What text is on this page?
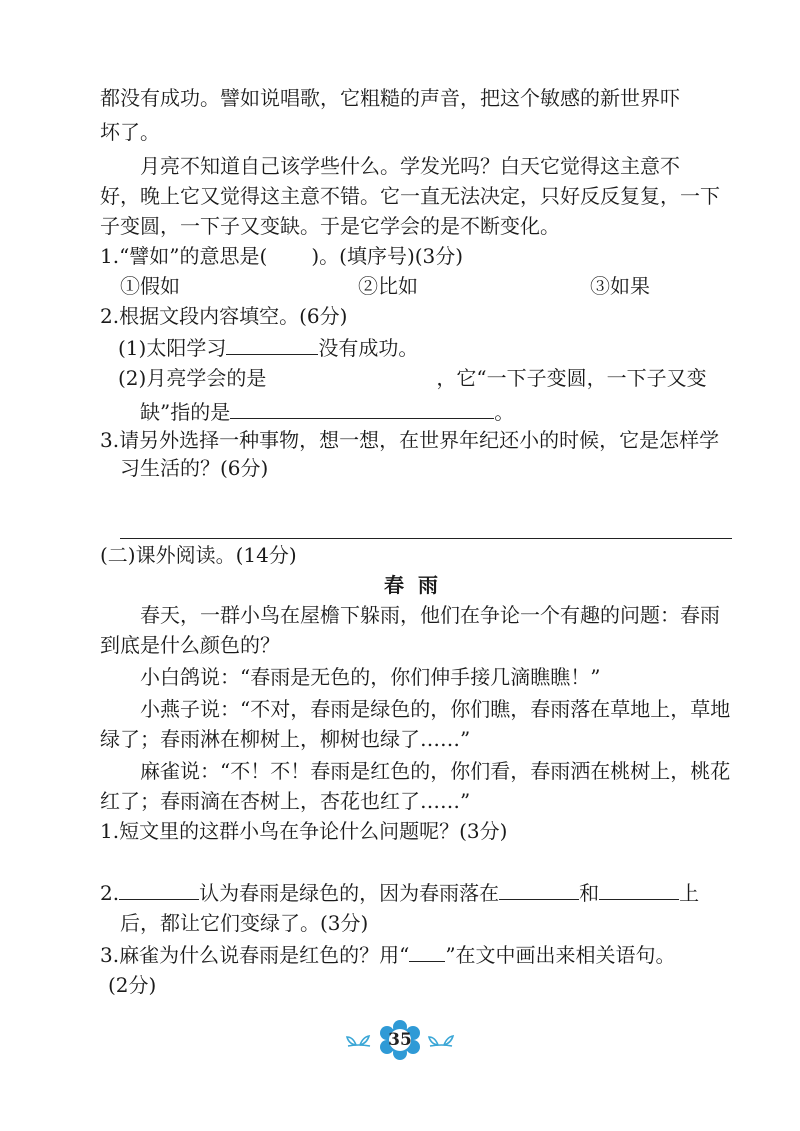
都没有成功。譬如说唱歌，它粗糙的声音，把这个敏感的新世界吓
坏了。
月亮不知道自己该学些什么。学发光吗？白天它觉得这主意不
好，晚上它又觉得这主意不错。它一直无法决定，只好反反复复，一下
子变圆，一下子又变缺。于是它学会的是不断变化。
1.“譬如”的意思是( )。(填序号)(3分)
①假如	②比如	③如果
2.根据文段内容填空。(6分)
(1)太阳学习	没有成功。
(2)月亮学会的是	，它“一下子变圆，一下子又变
缺”指的是	。
3.请另外选择一种事物，想一想，在世界年纪还小的时候，它是怎样学
习生活的？(6分)
(二)课外阅读。(14分)
春雨
春天，一群小鸟在屋檐下躲雨，他们在争论一个有趣的问题：春雨
到底是什么颜色的？
小白鸽说：“春雨是无色的，你们伸手接几滴瞧瞧！”
小燕子说：“不对，春雨是绿色的，你们瞧，春雨落在草地上，草地
绿了；春雨淋在柳树上，柳树也绿了……”
麻雀说：“不！不！春雨是红色的，你们看，春雨洒在桃树上，桃花
红了；春雨滴在杏树上，杏花也红了……”
1.短文里的这群小鸟在争论什么问题呢？(3分)
2.	认为春雨是绿色的，因为春雨落在	和	上
后，都让它们变绿了。(3分)
3.麻雀为什么说春雨是红色的？用“ ”在文中画出来相关语句。
(2分)
35
